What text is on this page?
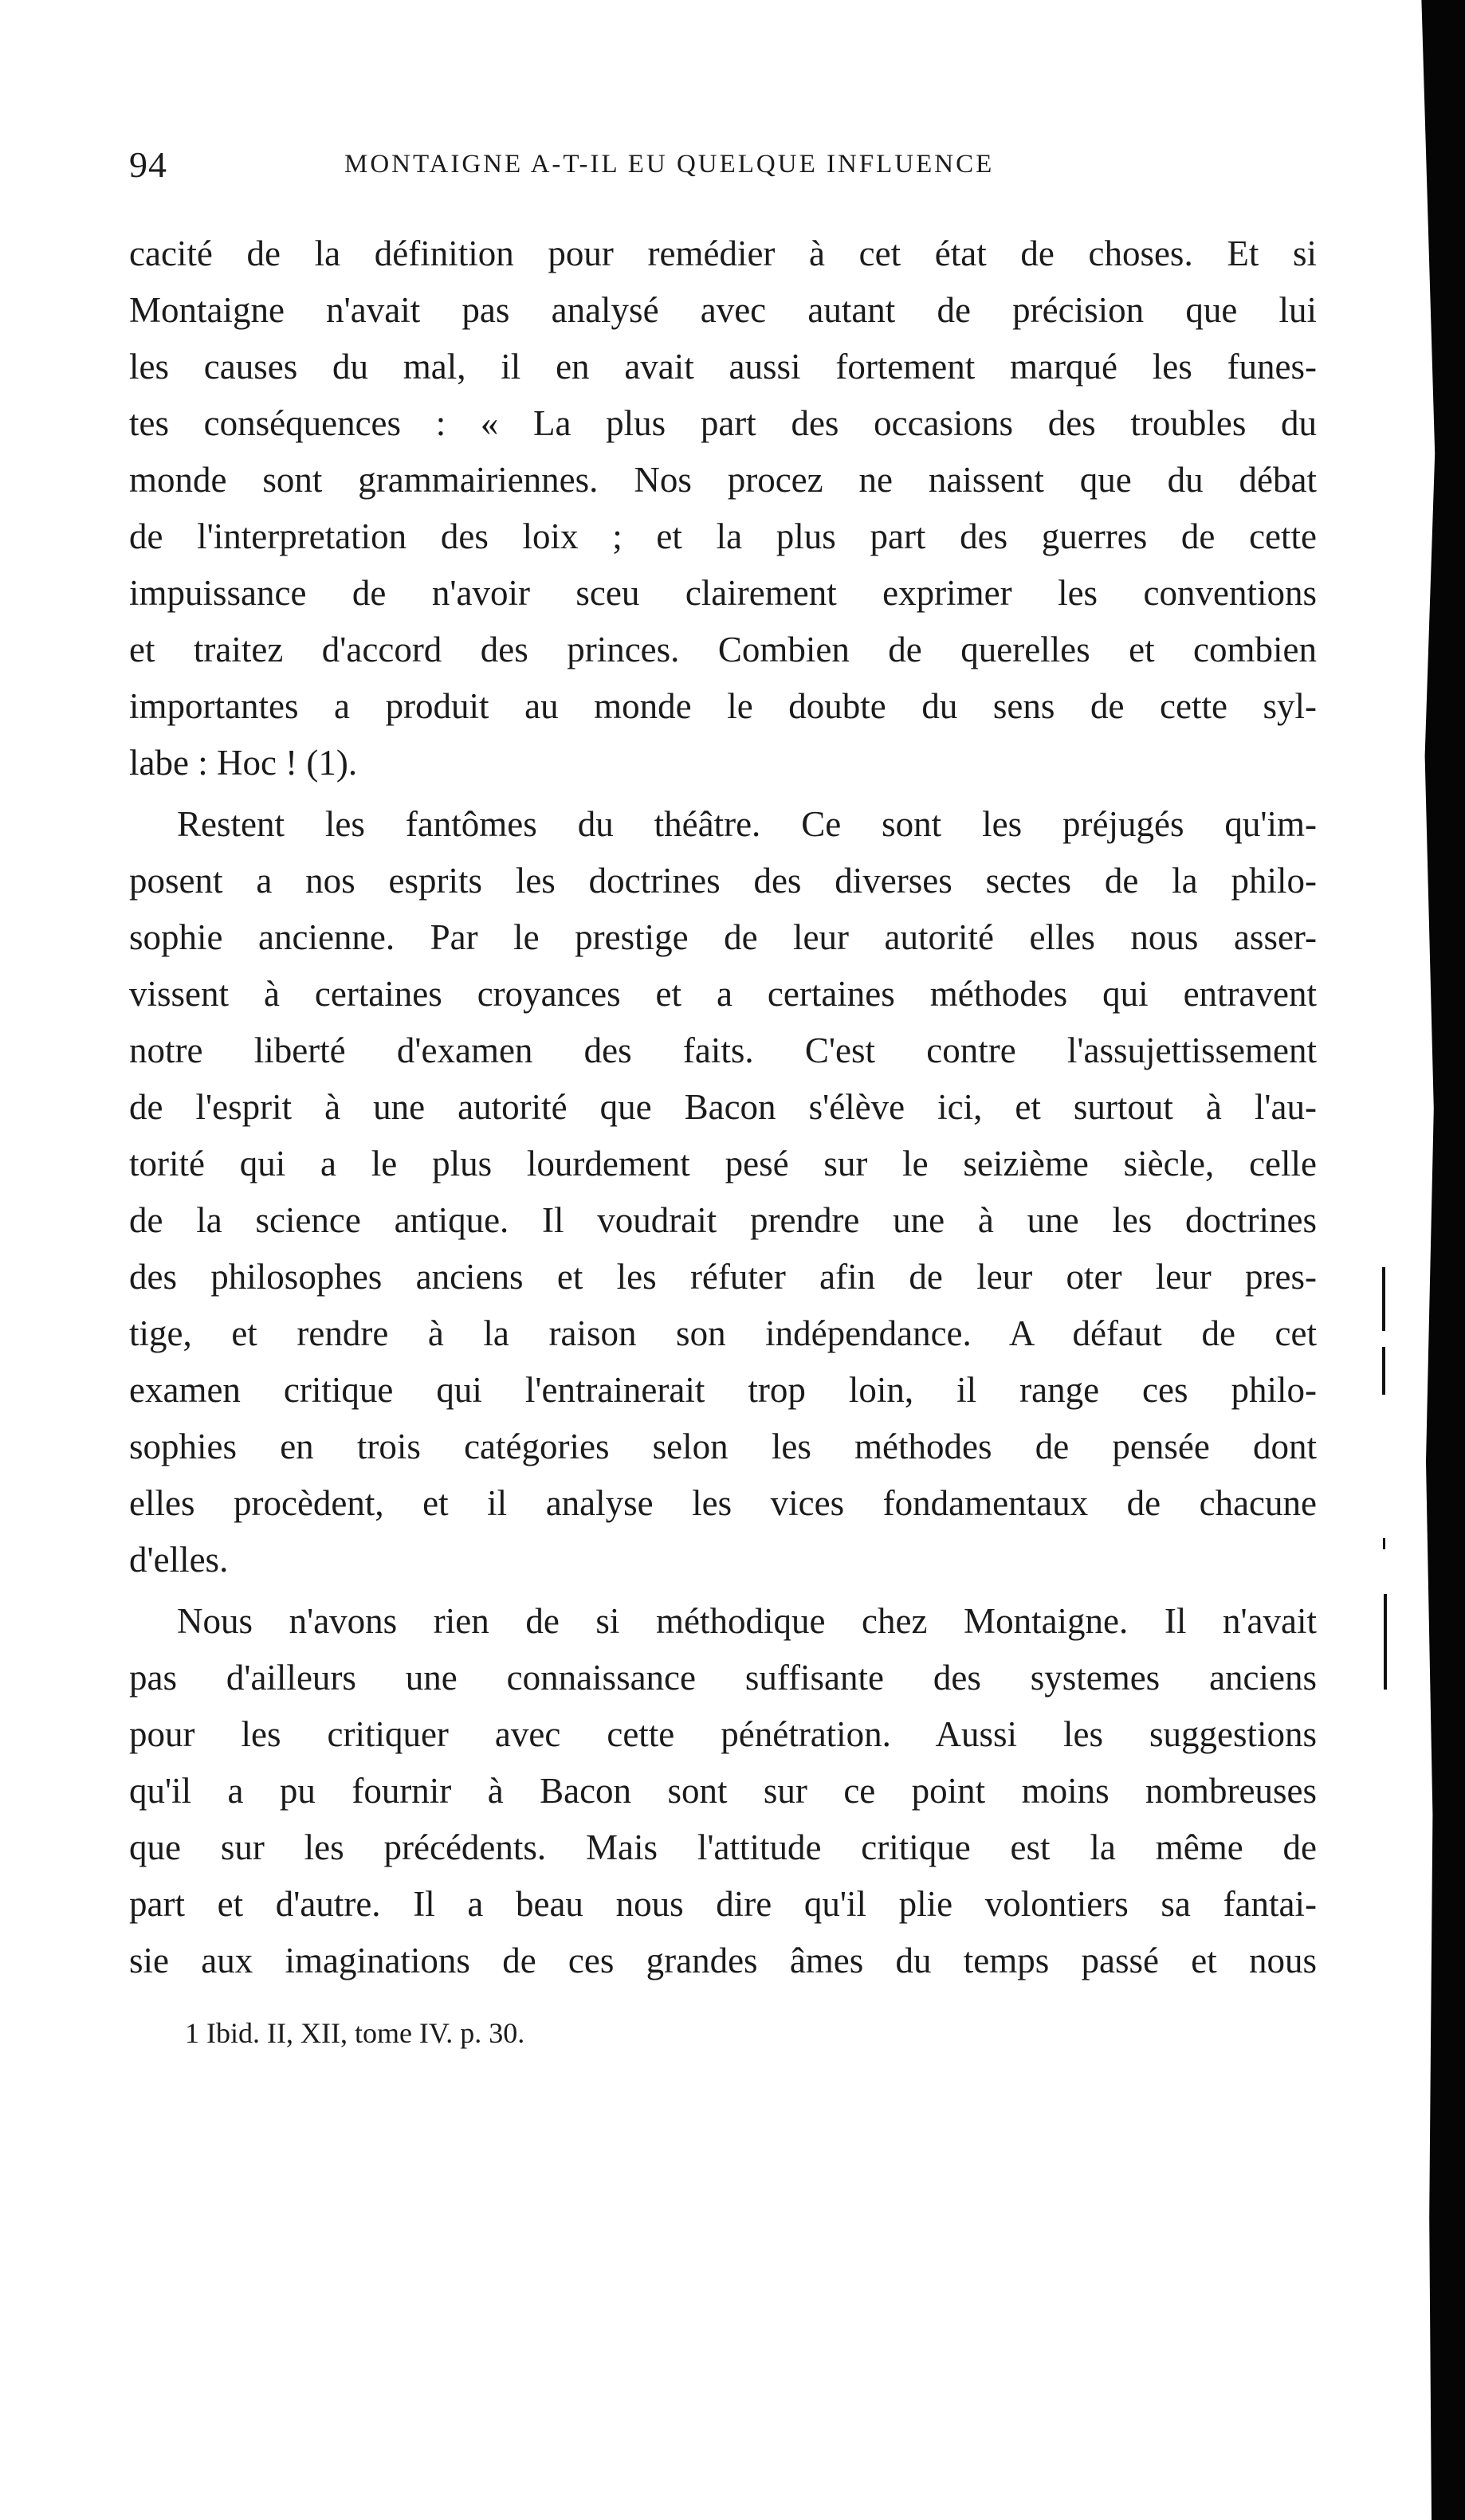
94	MONTAIGNE A-T-IL EU QUELQUE INFLUENCE
cacité de la définition pour remédier à cet état de choses. Et si
Montaigne n'avait pas analysé avec autant de précision que lui
les causes du mal, il en avait aussi fortement marqué les funes-
tes conséquences : « La plus part des occasions des troubles du
monde sont grammairiennes. Nos procez ne naissent que du débat
de l'interpretation des loix ; et la plus part des guerres de cette
impuissance de n'avoir sceu clairement exprimer les conventions
et traitez d'accord des princes. Combien de querelles et combien
importantes a produit au monde le doubte du sens de cette syl-
labe : Hoc ! (1).
Restent les fantômes du théâtre. Ce sont les préjugés qu'im-
posent a nos esprits les doctrines des diverses sectes de la philo-
sophie ancienne. Par le prestige de leur autorité elles nous asser-
vissent à certaines croyances et a certaines méthodes qui entravent
notre liberté d'examen des faits. C'est contre l'assujettissement
de l'esprit à une autorité que Bacon s'élève ici, et surtout à l'au-
torité qui a le plus lourdement pesé sur le seizième siècle, celle
de la science antique. Il voudrait prendre une à une les doctrines
des philosophes anciens et les réfuter afin de leur oter leur pres-
tige, et rendre à la raison son indépendance. A défaut de cet
examen critique qui l'entrainerait trop loin, il range ces philo-
sophies en trois catégories selon les méthodes de pensée dont
elles procèdent, et il analyse les vices fondamentaux de chacune
d'elles.
Nous n'avons rien de si méthodique chez Montaigne. Il n'avait
pas d'ailleurs une connaissance suffisante des systemes anciens
pour les critiquer avec cette pénétration. Aussi les suggestions
qu'il a pu fournir à Bacon sont sur ce point moins nombreuses
que sur les précédents. Mais l'attitude critique est la même de
part et d'autre. Il a beau nous dire qu'il plie volontiers sa fantai-
sie aux imaginations de ces grandes âmes du temps passé et nous
1 Ibid. II, XII, tome IV. p. 30.
